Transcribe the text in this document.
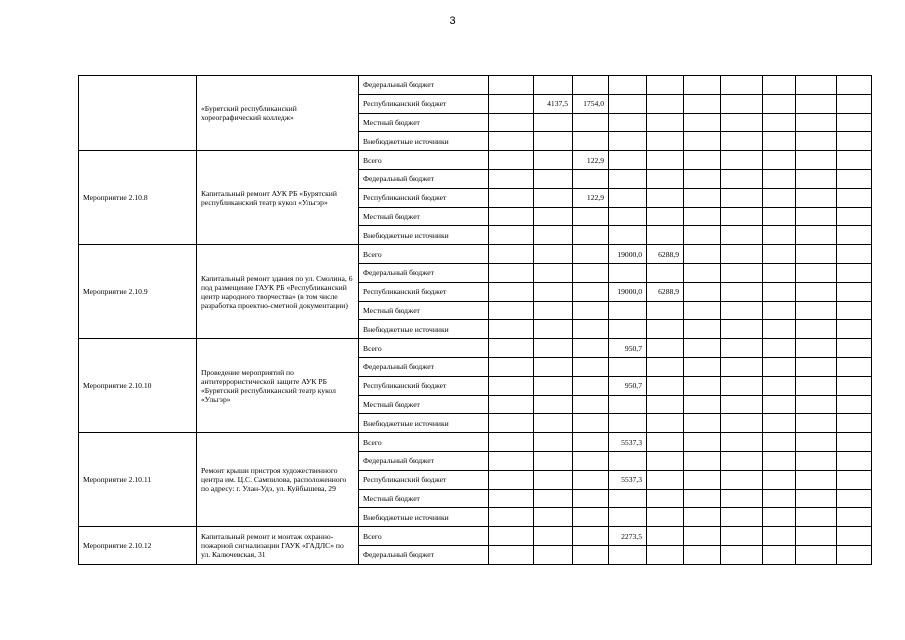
3
	«Бурятский республиканский хореографический колледж»	Федеральный бюджет											
		Республиканский бюджет		4137,5	1754,0								
		Местный бюджет											
		Внебюджетные источники											
Мероприятие 2.10.8	Капитальный ремонт АУК РБ «Бурятский республиканский театр кукол «Ульгэр»	Всего			122,9								
		Федеральный бюджет											
		Республиканский бюджет			122,9								
		Местный бюджет											
		Внебюджетные источники											
Мероприятие 2.10.9	Капитальный ремонт здания по ул. Смолина, 6 под размещение ГАУК РБ «Республиканский центр народного творчества» (в том числе разработка проектно-сметной документации)	Всего				19000,0	6288,9						
		Федеральный бюджет											
		Республиканский бюджет				19000,0	6288,9						
		Местный бюджет											
		Внебюджетные источники											
Мероприятие 2.10.10	Проведение мероприятий по антитеррористической защите АУК РБ «Бурятский республиканский театр кукол «Ульгэр»	Всего				950,7							
		Федеральный бюджет											
		Республиканский бюджет				950,7							
		Местный бюджет											
		Внебюджетные источники											
Мероприятие 2.10.11	Ремонт крыши пристроя художественного центра им. Ц.С. Сампилова, расположенного по адресу: г. Улан-Удэ, ул. Куйбышева, 29	Всего				5537,3							
		Федеральный бюджет											
		Республиканский бюджет				5537,3							
		Местный бюджет											
		Внебюджетные источники											
Мероприятие 2.10.12	Капитальный ремонт и монтаж охранно-пожарной сигнализации ГАУК «ГАДЛС» по ул. Калючевская, 31	Всего				2273,5							
		Федеральный бюджет											
